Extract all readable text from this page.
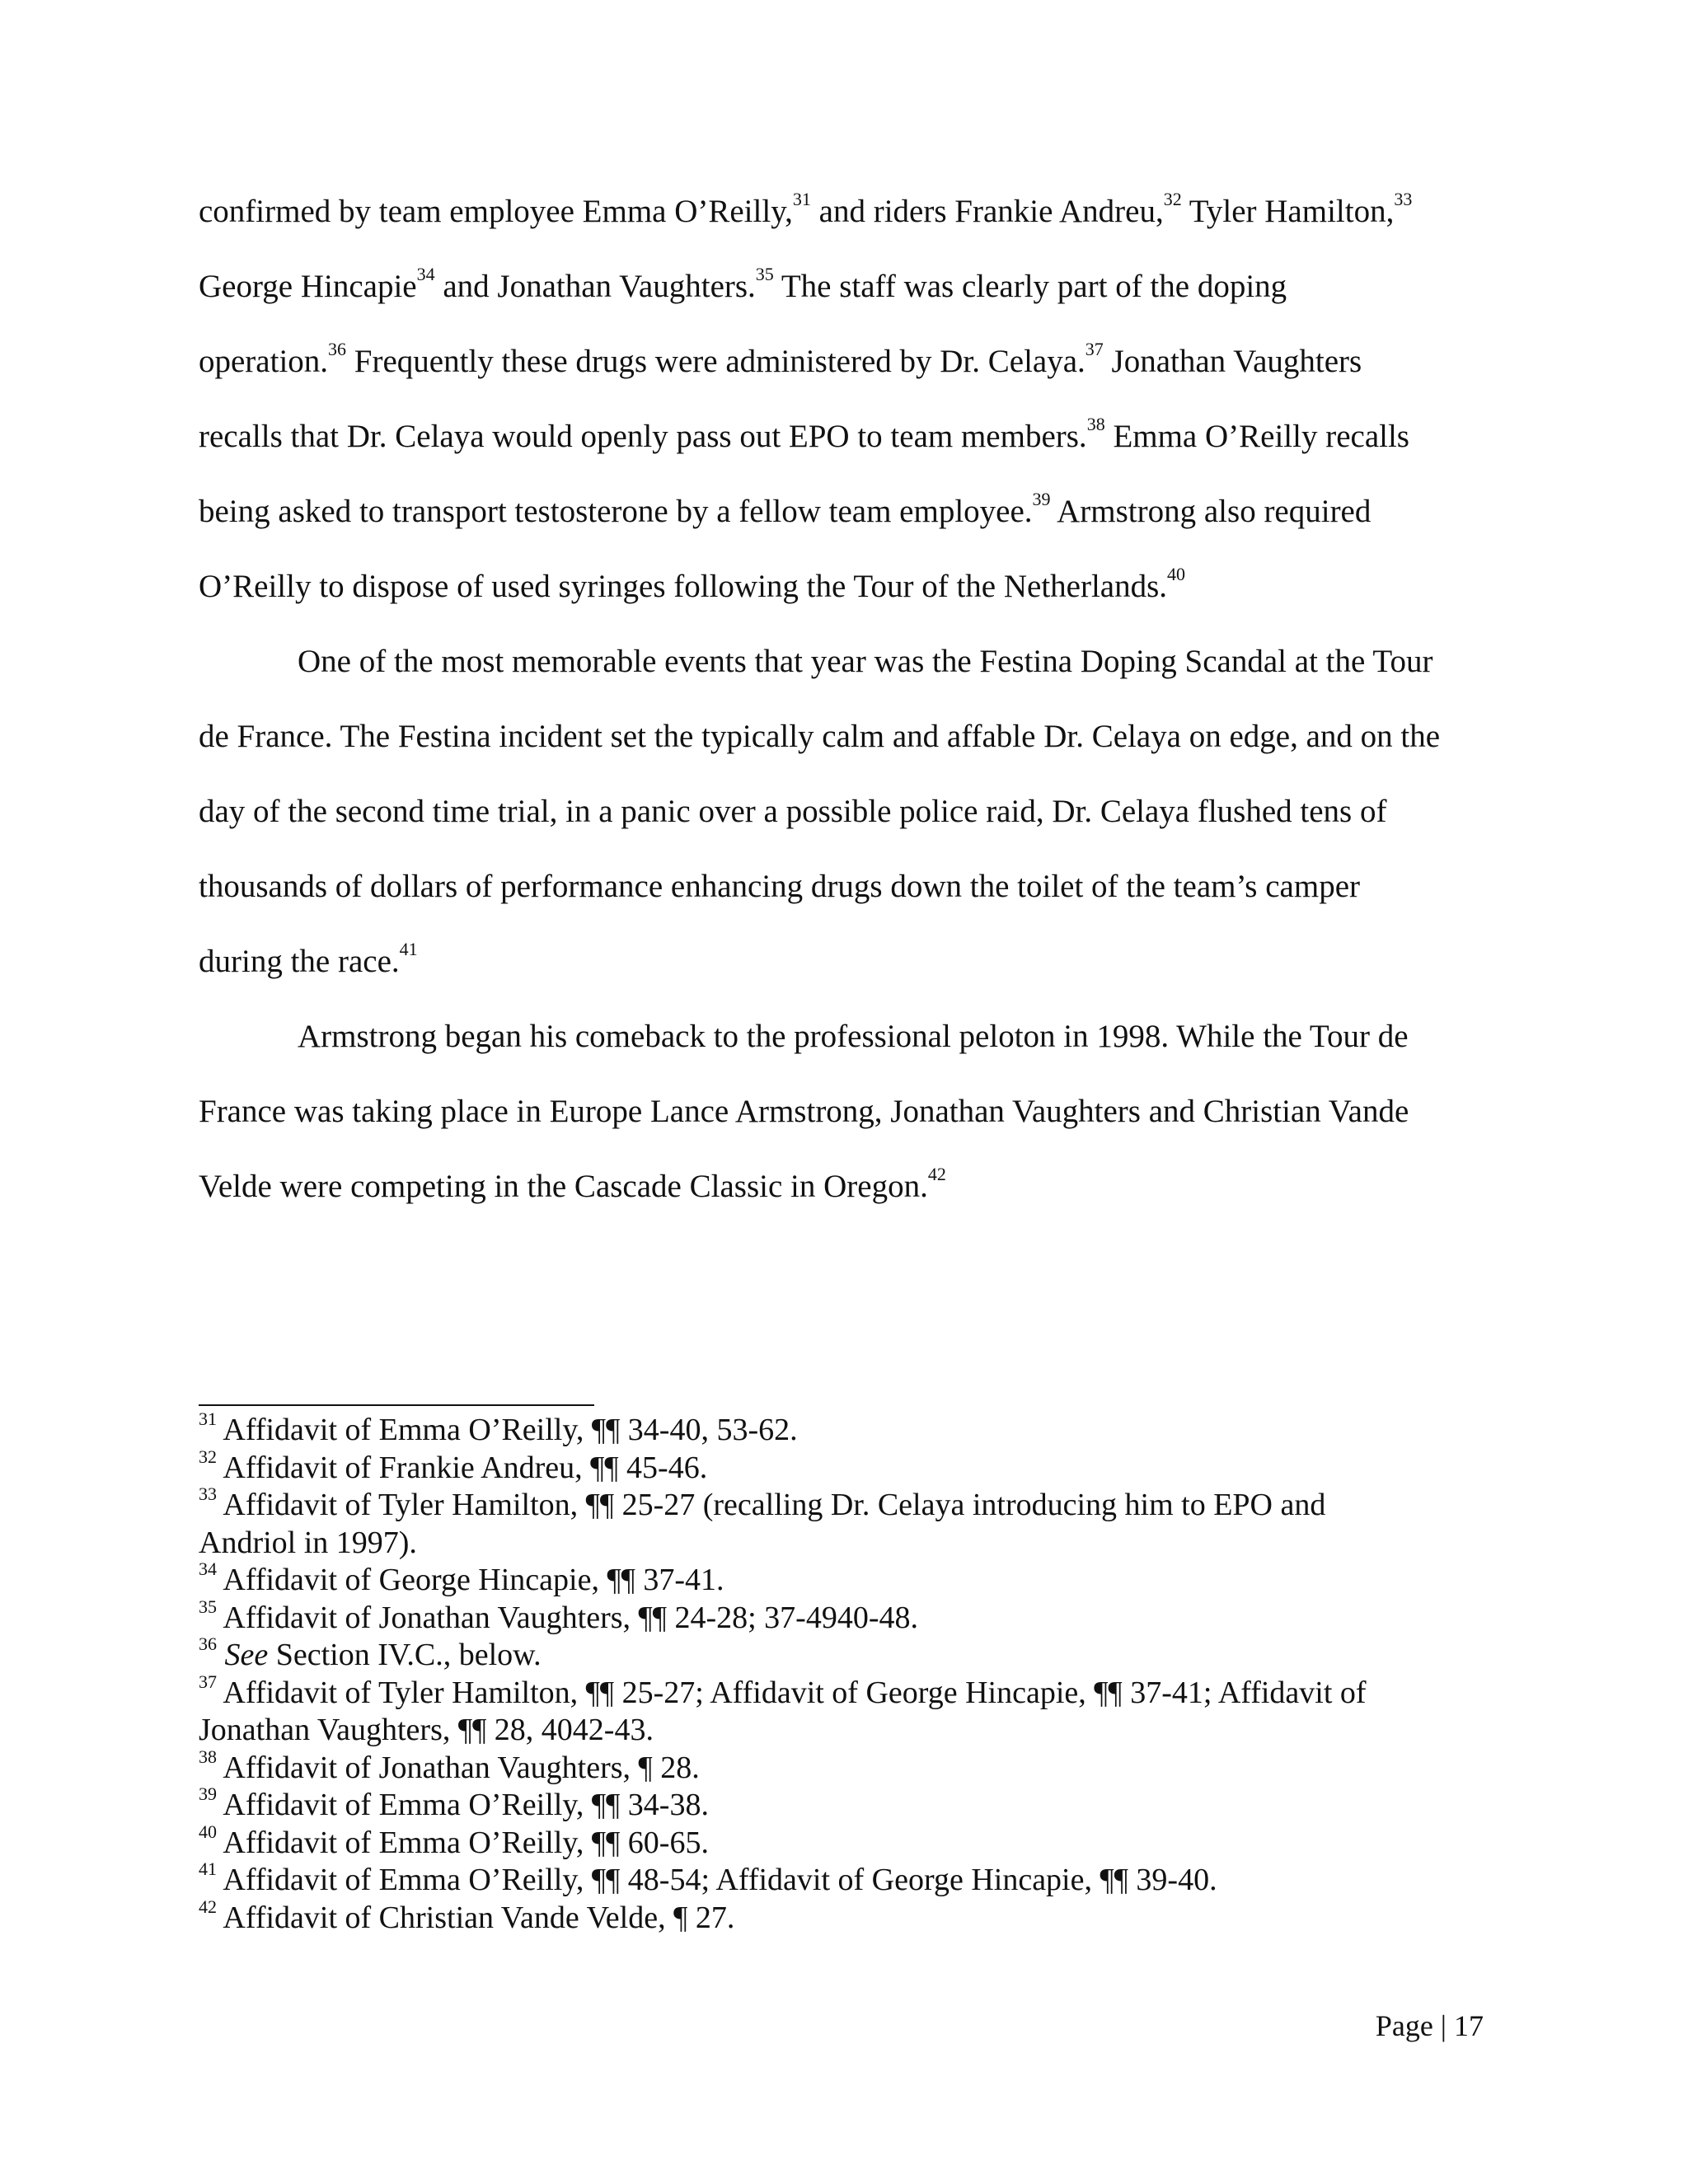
confirmed by team employee Emma O’Reilly,$^{31}$ and riders Frankie Andreu,$^{32}$ Tyler Hamilton,$^{33}$
George Hincapie$^{34}$ and Jonathan Vaughters.$^{35}$ The staff was clearly part of the doping
operation.$^{36}$ Frequently these drugs were administered by Dr. Celaya.$^{37}$ Jonathan Vaughters
recalls that Dr. Celaya would openly pass out EPO to team members.$^{38}$ Emma O’Reilly recalls
being asked to transport testosterone by a fellow team employee.$^{39}$ Armstrong also required
O’Reilly to dispose of used syringes following the Tour of the Netherlands.$^{40}$
One of the most memorable events that year was the Festina Doping Scandal at the Tour
de France. The Festina incident set the typically calm and affable Dr. Celaya on edge, and on the
day of the second time trial, in a panic over a possible police raid, Dr. Celaya flushed tens of
thousands of dollars of performance enhancing drugs down the toilet of the team’s camper
during the race.$^{41}$
Armstrong began his comeback to the professional peloton in 1998. While the Tour de
France was taking place in Europe Lance Armstrong, Jonathan Vaughters and Christian Vande
Velde were competing in the Cascade Classic in Oregon.$^{42}$
$^{31}$ Affidavit of Emma O’Reilly, ¶¶ 34-40, 53-62.
$^{32}$ Affidavit of Frankie Andreu, ¶¶ 45-46.
$^{33}$ Affidavit of Tyler Hamilton, ¶¶ 25-27 (recalling Dr. Celaya introducing him to EPO and
Andriol in 1997).
$^{34}$ Affidavit of George Hincapie, ¶¶ 37-41.
$^{35}$ Affidavit of Jonathan Vaughters, ¶¶ 24-28; 37-4940-48.
$^{36}$ See Section IV.C., below.
$^{37}$ Affidavit of Tyler Hamilton, ¶¶ 25-27; Affidavit of George Hincapie, ¶¶ 37-41; Affidavit of
Jonathan Vaughters, ¶¶ 28, 4042-43.
$^{38}$ Affidavit of Jonathan Vaughters, ¶ 28.
$^{39}$ Affidavit of Emma O’Reilly, ¶¶ 34-38.
$^{40}$ Affidavit of Emma O’Reilly, ¶¶ 60-65.
$^{41}$ Affidavit of Emma O’Reilly, ¶¶ 48-54; Affidavit of George Hincapie, ¶¶ 39-40.
$^{42}$ Affidavit of Christian Vande Velde, ¶ 27.
Page | 17
